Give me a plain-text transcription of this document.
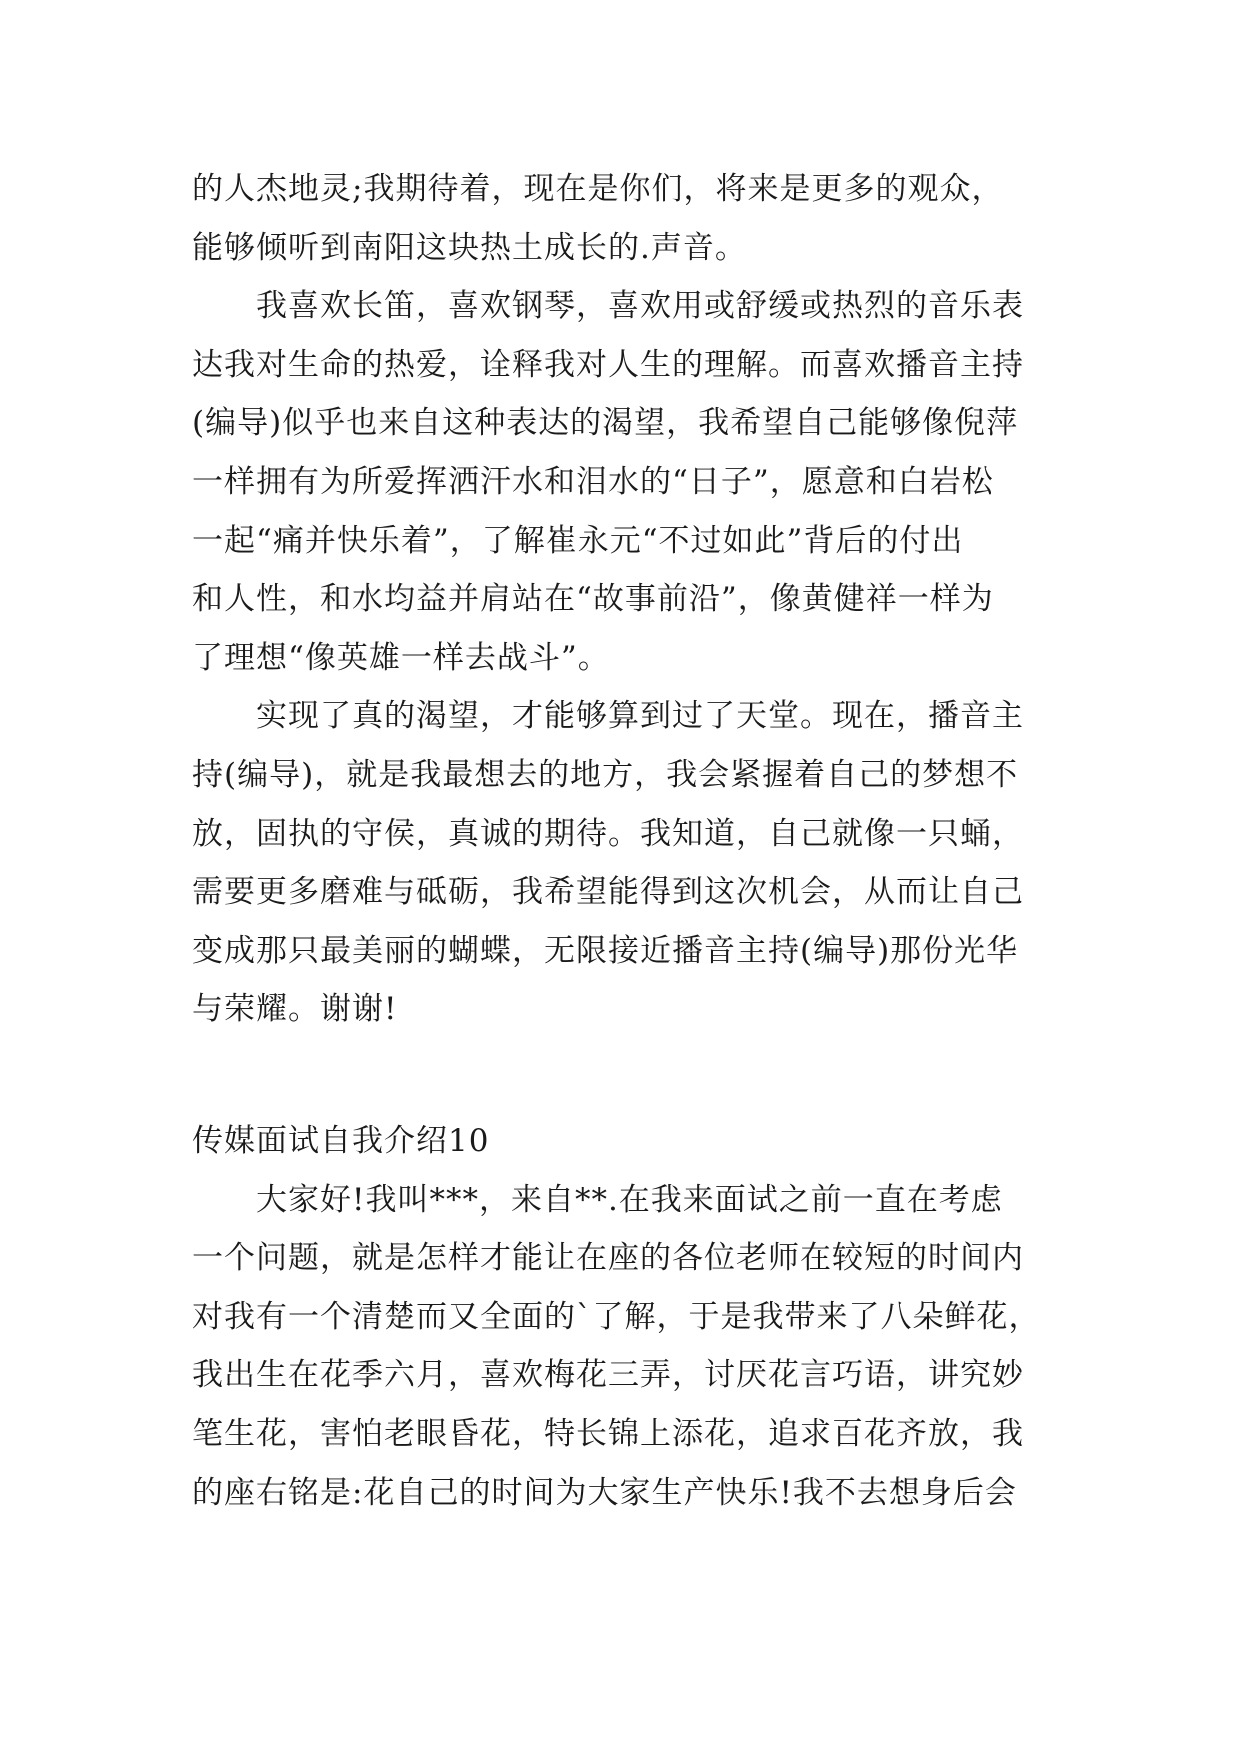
的人杰地灵;我期待着，现在是你们，将来是更多的观众，
能够倾听到南阳这块热土成长的.声音。
我喜欢长笛，喜欢钢琴，喜欢用或舒缓或热烈的音乐表
达我对生命的热爱，诠释我对人生的理解。而喜欢播音主持
(编导)似乎也来自这种表达的渴望，我希望自己能够像倪萍
一样拥有为所爱挥洒汗水和泪水的“日子”，愿意和白岩松
一起“痛并快乐着”，了解崔永元“不过如此”背后的付出
和人性，和水均益并肩站在“故事前沿”，像黄健祥一样为
了理想“像英雄一样去战斗”。
实现了真的渴望，才能够算到过了天堂。现在，播音主
持(编导)，就是我最想去的地方，我会紧握着自己的梦想不
放，固执的守侯，真诚的期待。我知道，自己就像一只蛹，
需要更多磨难与砥砺，我希望能得到这次机会，从而让自己
变成那只最美丽的蝴蝶，无限接近播音主持(编导)那份光华
与荣耀。谢谢!
传媒面试自我介绍10
大家好!我叫***，来自**.在我来面试之前一直在考虑
一个问题，就是怎样才能让在座的各位老师在较短的时间内
对我有一个清楚而又全面的`了解，于是我带来了八朵鲜花，
我出生在花季六月，喜欢梅花三弄，讨厌花言巧语，讲究妙
笔生花，害怕老眼昏花，特长锦上添花，追求百花齐放，我
的座右铭是:花自己的时间为大家生产快乐!我不去想身后会
